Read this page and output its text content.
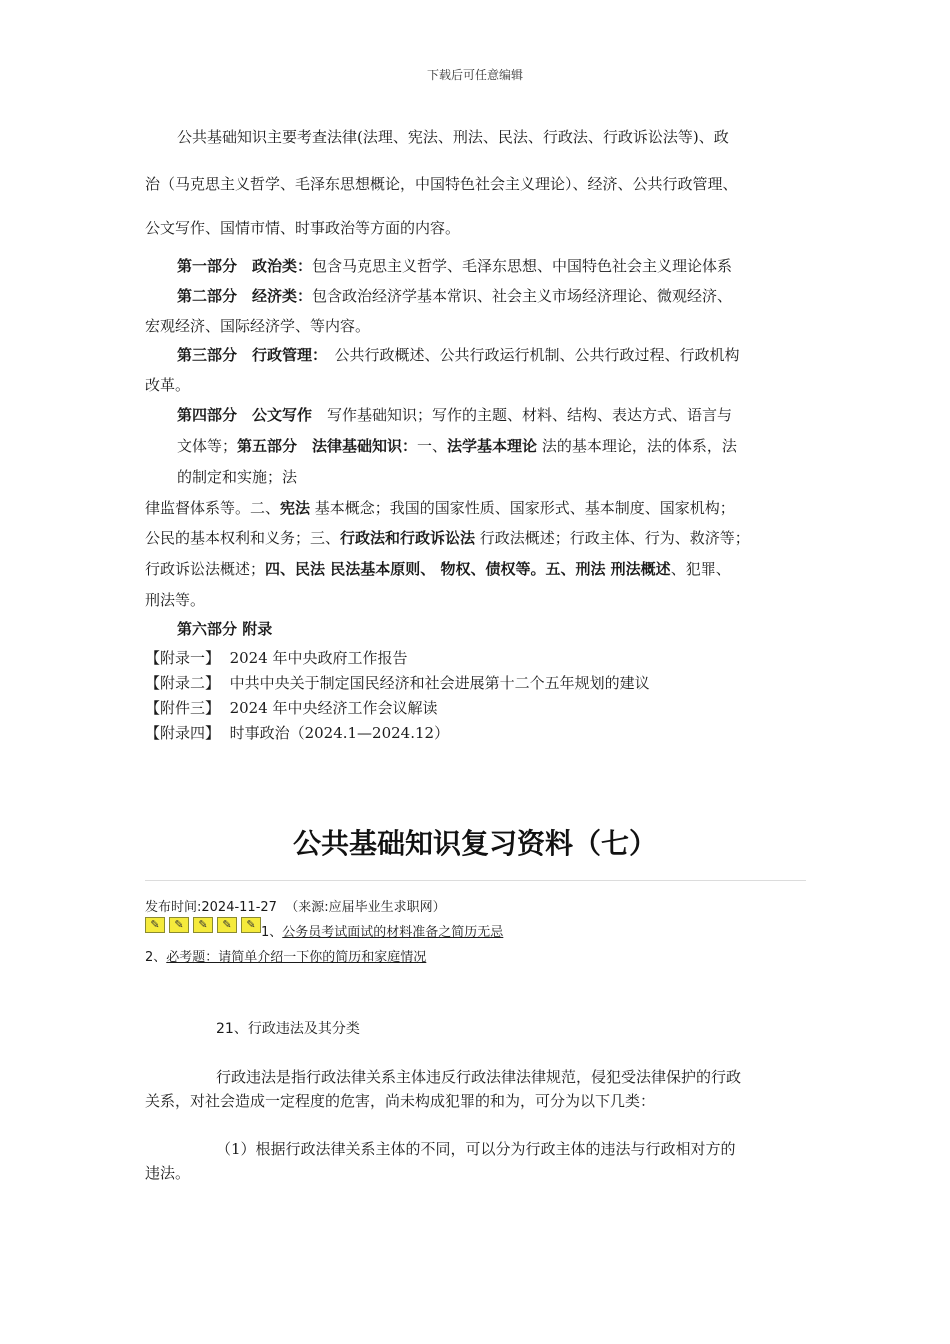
下载后可任意编辑
公共基础知识主要考查法律(法理、宪法、刑法、民法、行政法、行政诉讼法等)、政
治（马克思主义哲学、毛泽东思想概论，中国特色社会主义理论）、经济、公共行政管理、
公文写作、国情市情、时事政治等方面的内容。
第一部分　政治类：包含马克思主义哲学、毛泽东思想、中国特色社会主义理论体系
第二部分　经济类：包含政治经济学基本常识、社会主义市场经济理论、微观经济、
宏观经济、国际经济学、等内容。
第三部分　行政管理：　公共行政概述、公共行政运行机制、公共行政过程、行政机构
改革。
第四部分　公文写作　写作基础知识；写作的主题、材料、结构、表达方式、语言与
文体等；第五部分　法律基础知识：一、法学基本理论 法的基本理论，法的体系，法
的制定和实施；法
律监督体系等。二、宪法 基本概念；我国的国家性质、国家形式、基本制度、国家机构；
公民的基本权利和义务；三、行政法和行政诉讼法 行政法概述；行政主体、行为、救济等；
行政诉讼法概述；四、民法 民法基本原则、 物权、债权等。五、刑法 刑法概述、犯罪、
刑法等。
第六部分 附录
【附录一】 2024 年中央政府工作报告
【附录二】 中共中央关于制定国民经济和社会进展第十二个五年规划的建议
【附件三】 2024 年中央经济工作会议解读
【附录四】 时事政治（2024.1—2024.12）
公共基础知识复习资料（七）
发布时间:2024-11-27 （来源:应届毕业生求职网）
✎	✎	✎	✎	✎
1、公务员考试面试的材料准备之简历无忌
2、必考题：请简单介绍一下你的简历和家庭情况
21、行政违法及其分类
行政违法是指行政法律关系主体违反行政法律法律规范，侵犯受法律保护的行政
关系，对社会造成一定程度的危害，尚未构成犯罪的和为，可分为以下几类：
（1）根据行政法律关系主体的不同，可以分为行政主体的违法与行政相对方的
违法。
